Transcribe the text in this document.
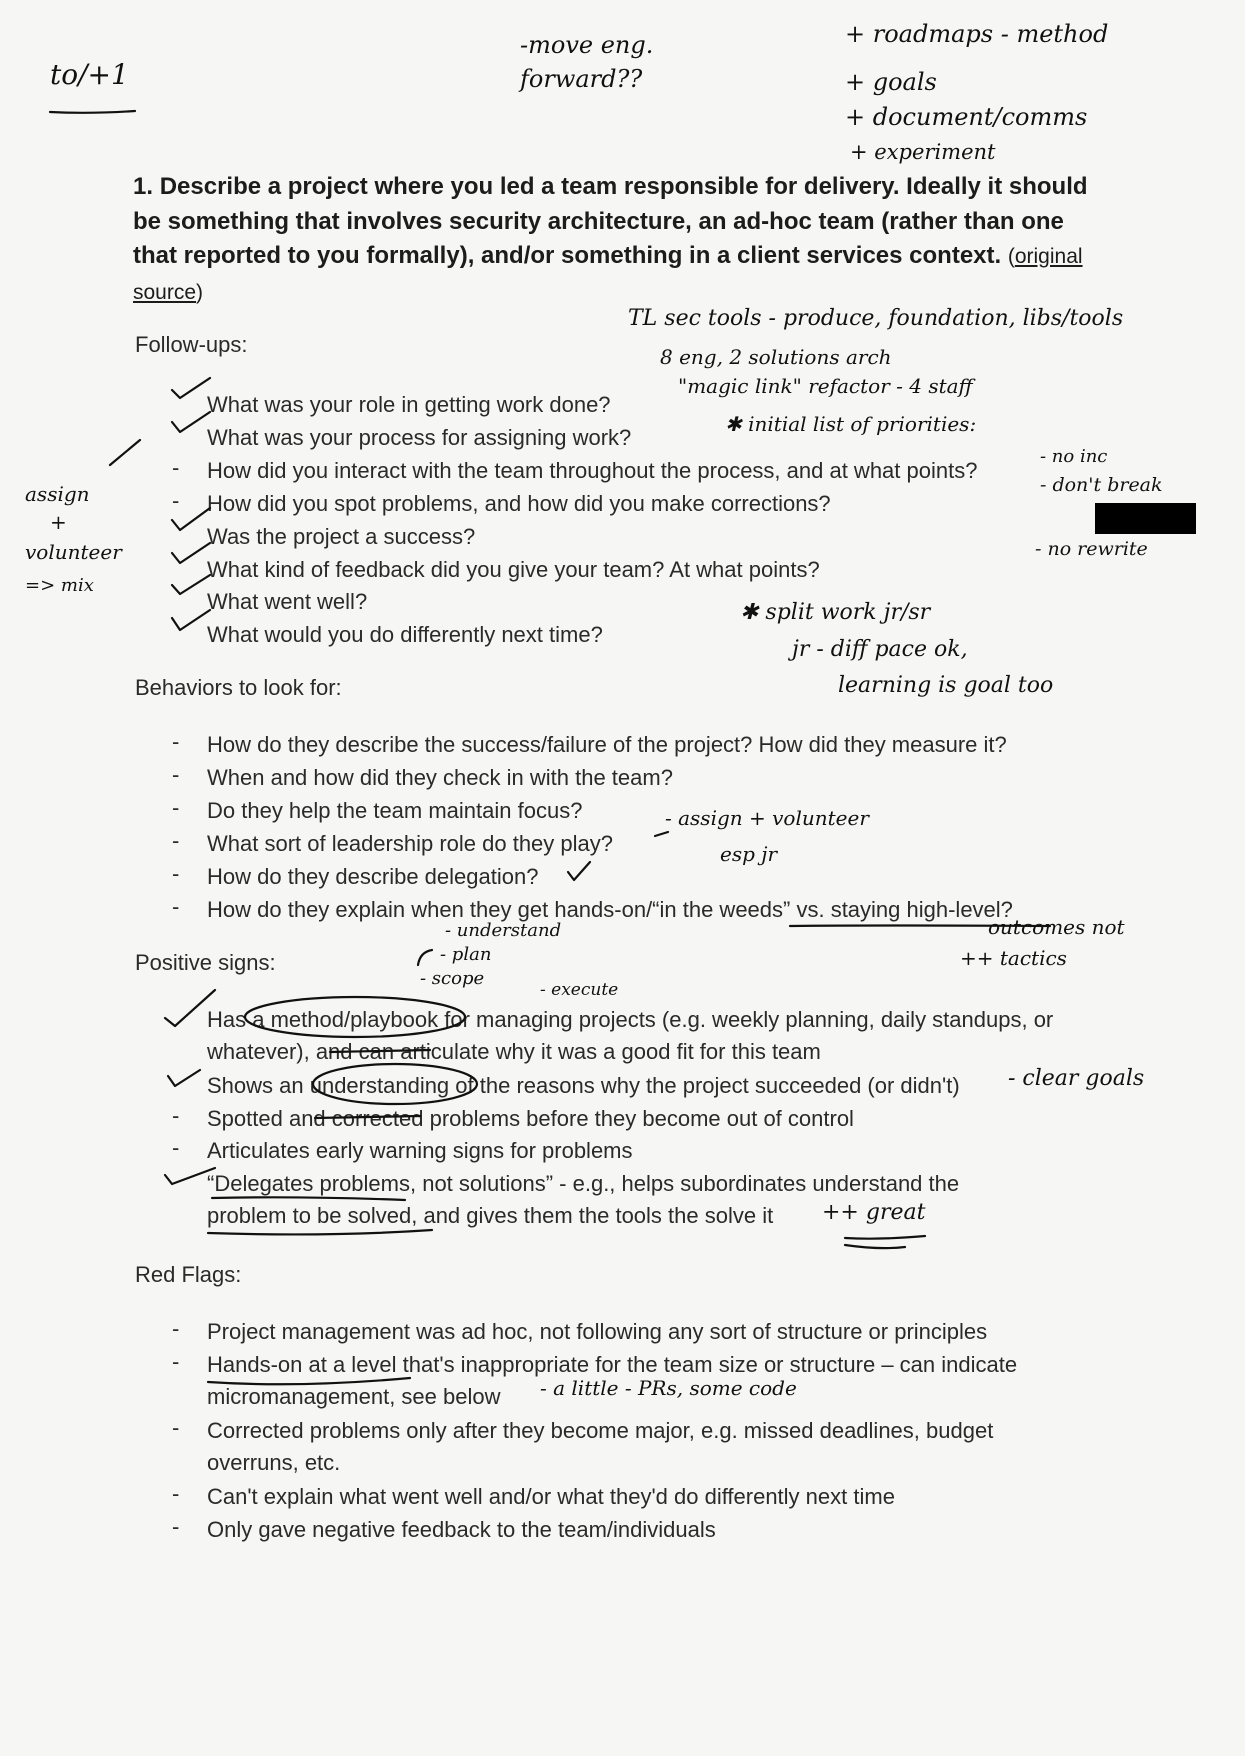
1. Describe a project where you led a team responsible for delivery. Ideally it should be something that involves security architecture, an ad-hoc team (rather than one that reported to you formally), and/or something in a client services context. (original source)
Follow-ups:
What was your role in getting work done?
What was your process for assigning work?
- How did you interact with the team throughout the process, and at what points?
- How did you spot problems, and how did you make corrections?
Was the project a success?
What kind of feedback did you give your team? At what points?
What went well?
What would you do differently next time?
Behaviors to look for:
- How do they describe the success/failure of the project? How did they measure it?
- When and how did they check in with the team?
- Do they help the team maintain focus?
- What sort of leadership role do they play?
- How do they describe delegation?
- How do they explain when they get hands-on/“in the weeds” vs. staying high-level?
Positive signs:
Has a method/playbook for managing projects (e.g. weekly planning, daily standups, or whatever), and can articulate why it was a good fit for this team
Shows an understanding of the reasons why the project succeeded (or didn't)
- Spotted and corrected problems before they become out of control
- Articulates early warning signs for problems
“Delegates problems, not solutions” - e.g., helps subordinates understand the problem to be solved, and gives them the tools the solve it
Red Flags:
- Project management was ad hoc, not following any sort of structure or principles
- Hands-on at a level that's inappropriate for the team size or structure – can indicate micromanagement, see below
- Corrected problems only after they become major, e.g. missed deadlines, budget overruns, etc.
- Can't explain what went well and/or what they'd do differently next time
- Only gave negative feedback to the team/individuals
to/+1
-move eng. forward??
+ roadmaps - method
+ goals
+ document/comms
+ experiment
TL sec tools - produce, foundation, libs/tools
8 eng, 2 solutions arch
"magic link" refactor - 4 staff
✱ initial list of priorities:
- no inc
- don't break
- no rewrite
assign
+
volunteer
=> mix
✱ split work jr/sr
jr - diff pace ok,
learning is goal too
- assign + volunteer
esp jr
- understand
- plan
- scope
- execute
outcomes not
++ tactics
- clear goals
++ great
- a little - PRs, some code
